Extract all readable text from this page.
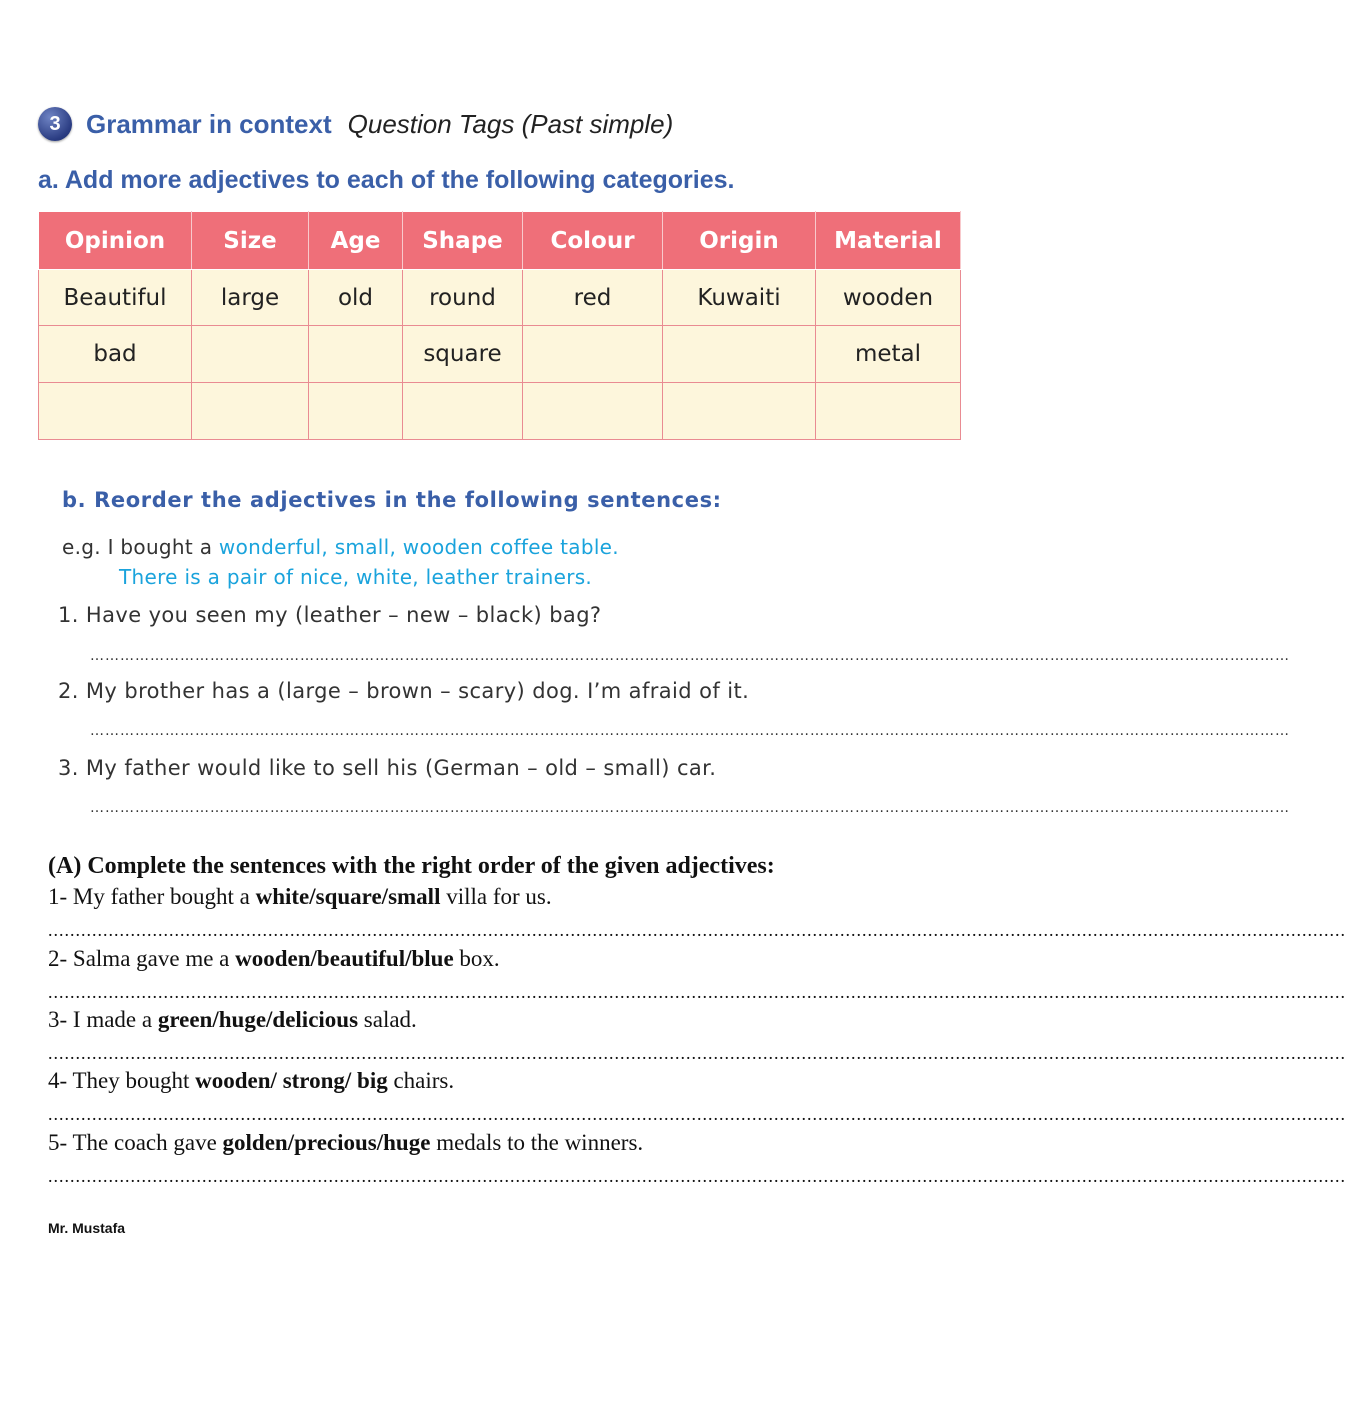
3 Grammar in context Question Tags (Past simple)
a. Add more adjectives to each of the following categories.
Opinion	Size	Age	Shape	Colour	Origin	Material
Beautiful	large	old	round	red	Kuwaiti	wooden
bad			square			metal

b. Reorder the adjectives in the following sentences:
e.g. I bought a wonderful, small, wooden coffee table.
There is a pair of nice, white, leather trainers.
1. Have you seen my (leather – new – black) bag?
……………………………………………………………………………………………………………………………………………………………………………………………………………………
2. My brother has a (large – brown – scary) dog. I’m afraid of it.
……………………………………………………………………………………………………………………………………………………………………………………………………………………
3. My father would like to sell his (German – old – small) car.
……………………………………………………………………………………………………………………………………………………………………………………………………………………
(A) Complete the sentences with the right order of the given adjectives:
1- My father bought a white/square/small villa for us.
............................................................................................................................................................................................................................................
2- Salma gave me a wooden/beautiful/blue box.
............................................................................................................................................................................................................................................
3- I made a green/huge/delicious salad.
............................................................................................................................................................................................................................................
4- They bought wooden/ strong/ big chairs.
............................................................................................................................................................................................................................................
5- The coach gave golden/precious/huge medals to the winners.
............................................................................................................................................................................................................................................
Mr. Mustafa
